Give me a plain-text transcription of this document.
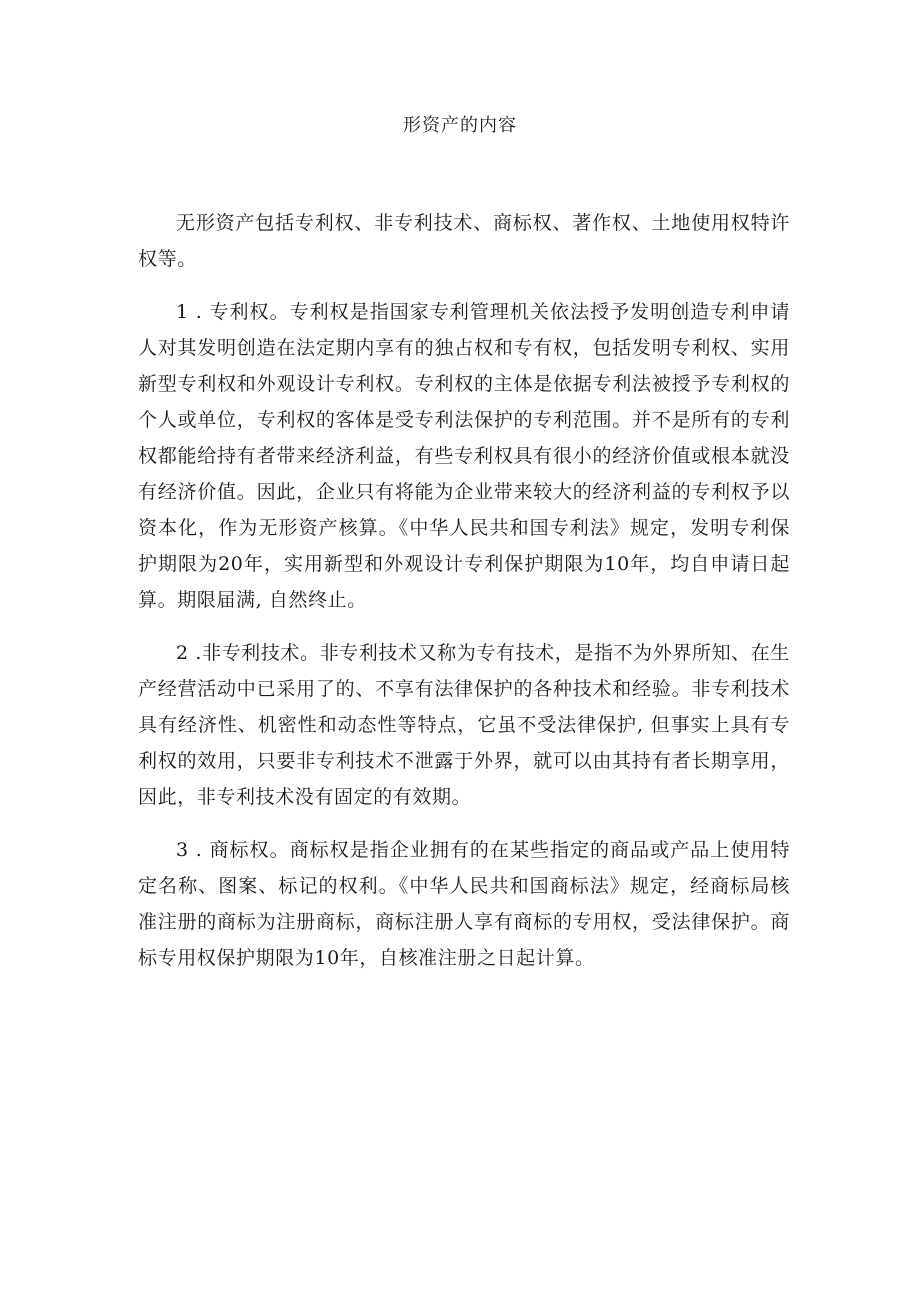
形资产的内容

无形资产包括专利权、非专利技术、商标权、著作权、土地使用权特许权等。

1 . 专利权。专利权是指国家专利管理机关依法授予发明创造专利申请人对其发明创造在法定期内享有的独占权和专有权，包括发明专利权、实用新型专利权和外观设计专利权。专利权的主体是依据专利法被授予专利权的个人或单位，专利权的客体是受专利法保护的专利范围。并不是所有的专利权都能给持有者带来经济利益，有些专利权具有很小的经济价值或根本就没有经济价值。因此，企业只有将能为企业带来较大的经济利益的专利权予以资本化，作为无形资产核算。《中华人民共和国专利法》规定，发明专利保护期限为20年，实用新型和外观设计专利保护期限为10年，均自申请日起算。期限届满, 自然终止。

2 .非专利技术。非专利技术又称为专有技术，是指不为外界所知、在生产经营活动中已采用了的、不享有法律保护的各种技术和经验。非专利技术具有经济性、机密性和动态性等特点，它虽不受法律保护, 但事实上具有专利权的效用，只要非专利技术不泄露于外界，就可以由其持有者长期享用，因此，非专利技术没有固定的有效期。

3 . 商标权。商标权是指企业拥有的在某些指定的商品或产品上使用特定名称、图案、标记的权利。《中华人民共和国商标法》规定，经商标局核准注册的商标为注册商标，商标注册人享有商标的专用权，受法律保护。商标专用权保护期限为10年，自核准注册之日起计算。
